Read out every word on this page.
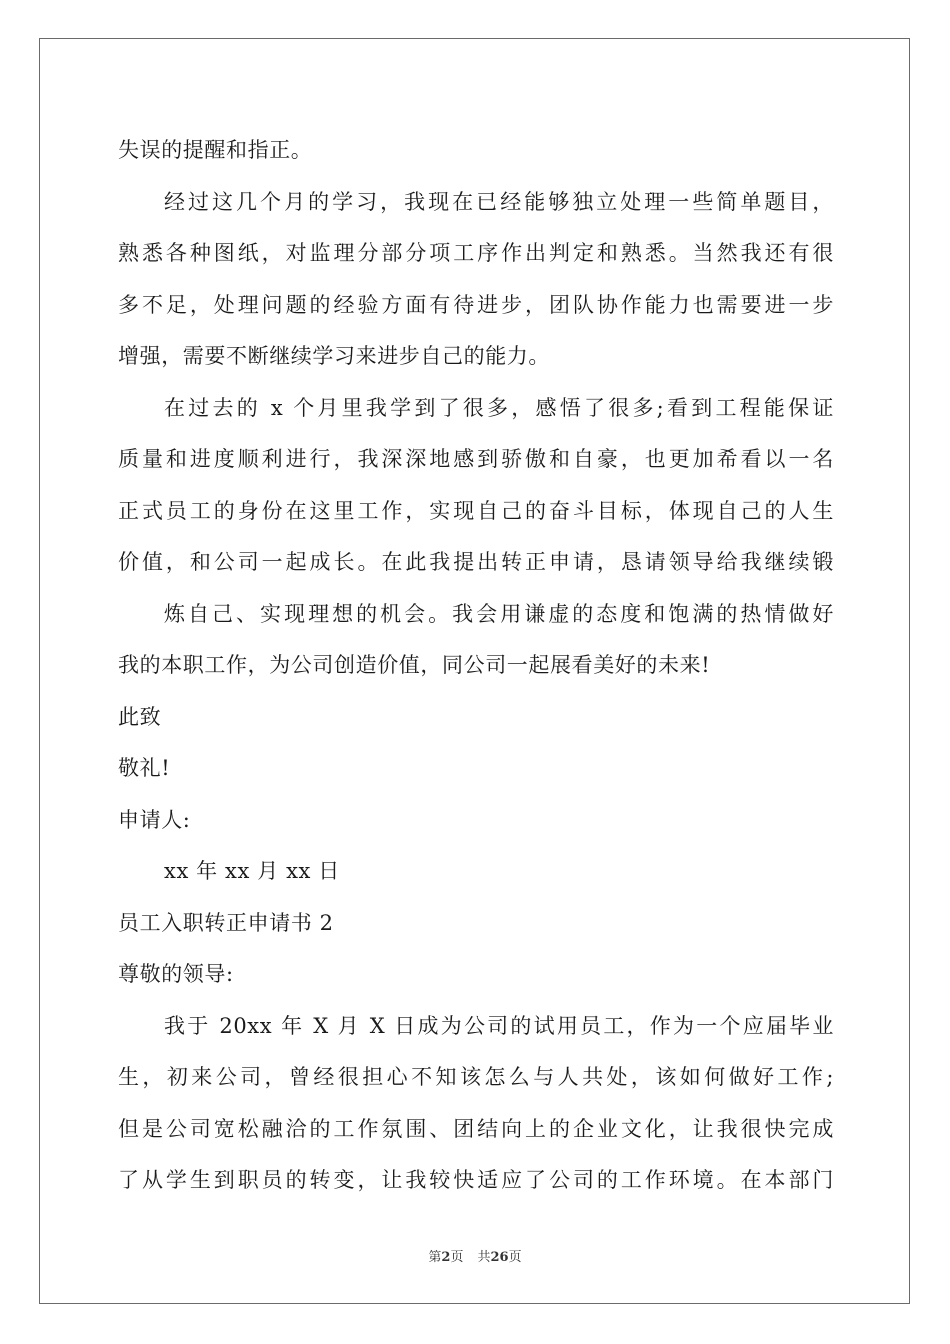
失误的提醒和指正。
经过这几个月的学习，我现在已经能够独立处理一些简单题目，
熟悉各种图纸，对监理分部分项工序作出判定和熟悉。当然我还有很
多不足，处理问题的经验方面有待进步，团队协作能力也需要进一步
增强，需要不断继续学习来进步自己的能力。
在过去的 x 个月里我学到了很多，感悟了很多;看到工程能保证
质量和进度顺利进行，我深深地感到骄傲和自豪，也更加希看以一名
正式员工的身份在这里工作，实现自己的奋斗目标，体现自己的人生
价值，和公司一起成长。在此我提出转正申请，恳请领导给我继续锻
炼自己、实现理想的机会。我会用谦虚的态度和饱满的热情做好
我的本职工作，为公司创造价值，同公司一起展看美好的未来!
此致
敬礼!
申请人:
xx 年 xx 月 xx 日
员工入职转正申请书 2
尊敬的领导:
我于 20xx 年 X 月 X 日成为公司的试用员工，作为一个应届毕业
生，初来公司，曾经很担心不知该怎么与人共处，该如何做好工作;
但是公司宽松融洽的工作氛围、团结向上的企业文化，让我很快完成
了从学生到职员的转变，让我较快适应了公司的工作环境。在本部门
第2页 共26页
